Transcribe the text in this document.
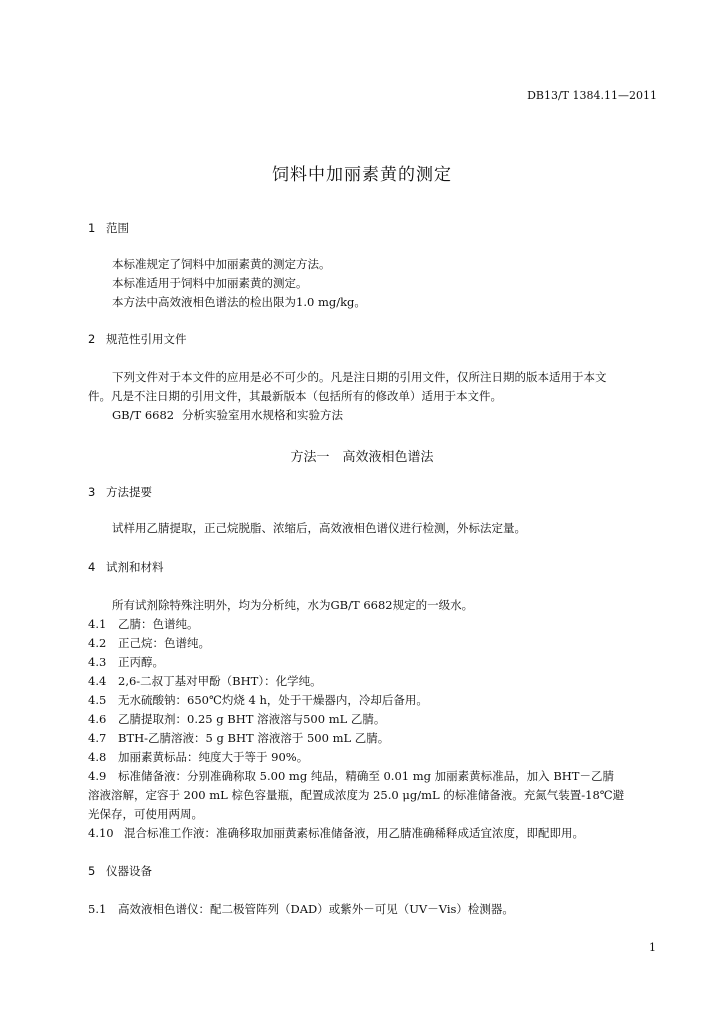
DB13/T 1384.11—2011
饲料中加丽素黄的测定
1 范围
本标准规定了饲料中加丽素黄的测定方法。
本标准适用于饲料中加丽素黄的测定。
本方法中高效液相色谱法的检出限为1.0 mg/kg。
2 规范性引用文件
下列文件对于本文件的应用是必不可少的。凡是注日期的引用文件，仅所注日期的版本适用于本文
件。凡是不注日期的引用文件，其最新版本（包括所有的修改单）适用于本文件。
GB/T 6682 分析实验室用水规格和实验方法
方法一　高效液相色谱法
3 方法提要
试样用乙腈提取，正己烷脱脂、浓缩后，高效液相色谱仪进行检测，外标法定量。
4 试剂和材料
所有试剂除特殊注明外，均为分析纯，水为GB/T 6682规定的一级水。
4.1 乙腈：色谱纯。
4.2 正己烷：色谱纯。
4.3 正丙醇。
4.4 2,6-二叔丁基对甲酚（BHT）：化学纯。
4.5 无水硫酸钠：650℃灼烧 4 h，处于干燥器内，冷却后备用。
4.6 乙腈提取剂：0.25 g BHT 溶液溶与500 mL 乙腈。
4.7 BTH-乙腈溶液：5 g BHT 溶液溶于 500 mL 乙腈。
4.8 加丽素黄标品：纯度大于等于 90%。
4.9 标准储备液：分别准确称取 5.00 mg 纯品，精确至 0.01 mg 加丽素黄标准品，加入 BHT－乙腈
溶液溶解，定容于 200 mL 棕色容量瓶，配置成浓度为 25.0 μg/mL 的标准储备液。充氮气装置-18℃避
光保存，可使用两周。
4.10 混合标准工作液：准确移取加丽黄素标准储备液，用乙腈准确稀释成适宜浓度，即配即用。
5 仪器设备
5.1 高效液相色谱仪：配二极管阵列（DAD）或紫外－可见（UV－Vis）检测器。
1
